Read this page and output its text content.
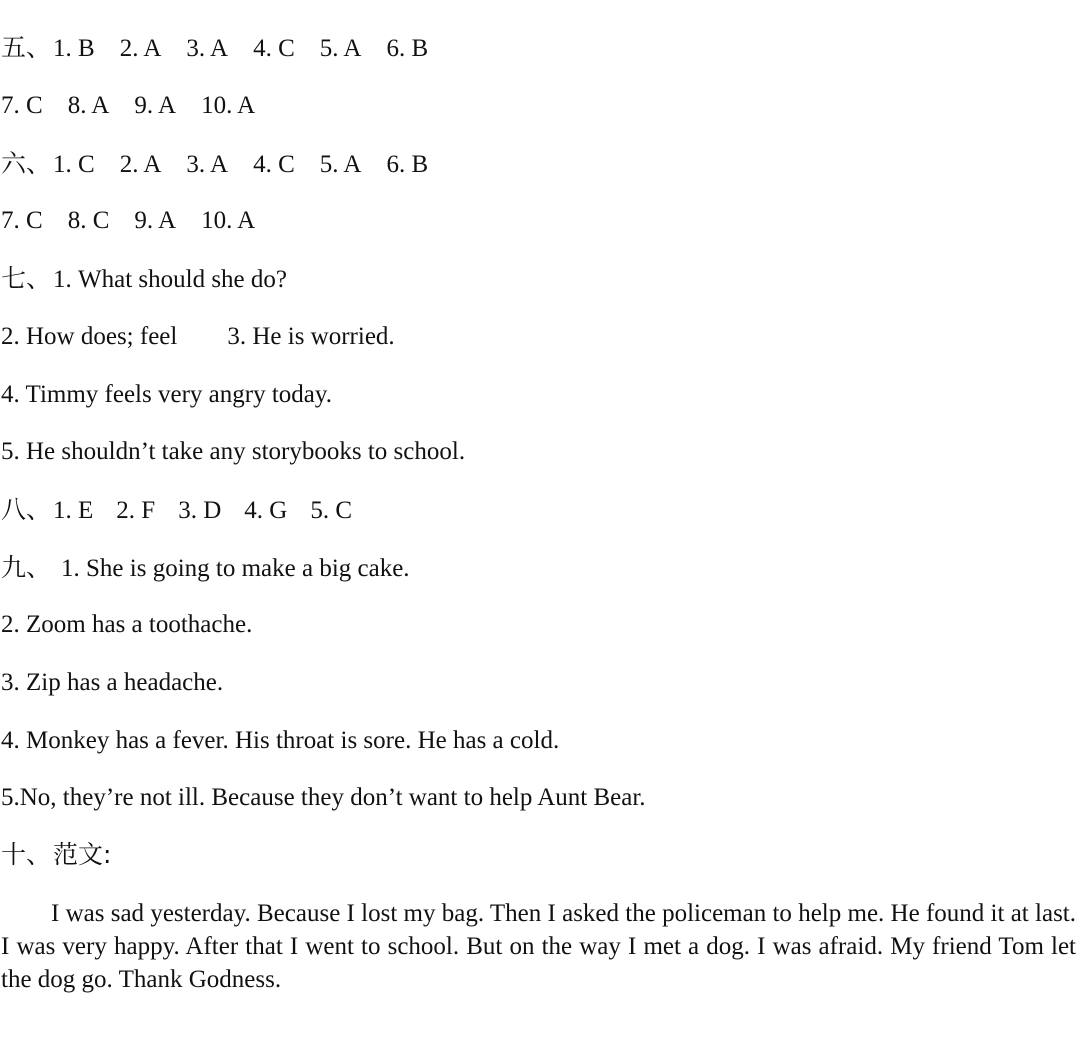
五、1. B 2. A 3. A 4. C 5. A 6. B
7. C 8. A 9. A 10. A
六、1. C 2. A 3. A 4. C 5. A 6. B
7. C 8. C 9. A 10. A
七、1. What should she do?
2. How does; feel 3. He is worried.
4. Timmy feels very angry today.
5. He shouldn’t take any storybooks to school.
八、1. E 2. F 3. D 4. G 5. C
九、 1. She is going to make a big cake.
2. Zoom has a toothache.
3. Zip has a headache.
4. Monkey has a fever. His throat is sore. He has a cold.
5.No, they’re not ill. Because they don’t want to help Aunt Bear.
十、范文:
I was sad yesterday. Because I lost my bag. Then I asked the policeman to help me. He found it at last. I was very happy. After that I went to school. But on the way I met a dog. I was afraid. My friend Tom let the dog go. Thank Godness.
